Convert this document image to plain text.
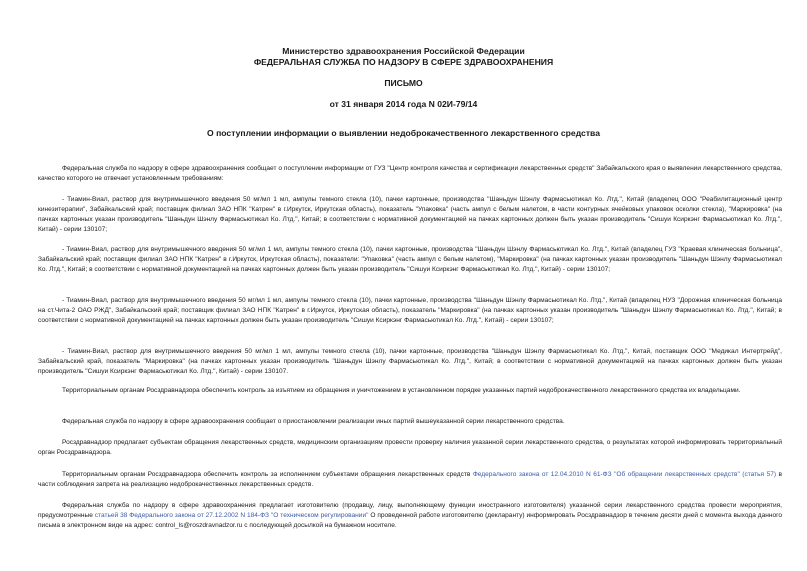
Министерство здравоохранения Российской Федерации
ФЕДЕРАЛЬНАЯ СЛУЖБА ПО НАДЗОРУ В СФЕРЕ ЗДРАВООХРАНЕНИЯ
ПИСЬМО
от 31 января 2014 года N 02И-79/14
О поступлении информации о выявлении недоброкачественного лекарственного средства

Федеральная служба по надзору в сфере здравоохранения сообщает о поступлении информации от ГУЗ "Центр контроля качества и сертификации лекарственных средств" Забайкальского края о выявлении лекарственного средства, качество которого не отвечает установленным требованиям:

- Тиамин-Виал, раствор для внутримышечного введения 50 мг/мл 1 мл, ампулы темного стекла (10), пачки картонные, производства "Шаньдун Шэнлу Фармасьютикал Ко. Лтд.", Китай (владелец ООО "Реабилитационный центр кинезитерапии", Забайкальский край; поставщик филиал ЗАО НПК "Катрен" в г.Иркутск, Иркутская область), показатель "Упаковка" (часть ампул с белым налетом, в части контурных ячейковых упаковок осколки стекла), "Маркировка" (на пачках картонных указан производитель "Шаньдун Шэнлу Фармасьютикал Ко. Лтд.", Китай; в соответствии с нормативной документацией на пачках картонных должен быть указан производитель "Сишуи Ксиркэнг Фармасьютикал Ко. Лтд.", Китай) - серии 130107;

- Тиамин-Виал, раствор для внутримышечного введения 50 мг/мл 1 мл, ампулы темного стекла (10), пачки картонные, производства "Шаньдун Шэнлу Фармасьютикал Ко. Лтд.", Китай (владелец ГУЗ "Краевая клиническая больница", Забайкальский край; поставщик филиал ЗАО НПК "Катрен" в г.Иркутск, Иркутская область), показатели: "Упаковка" (часть ампул с белым налетом), "Маркировка" (на пачках картонных указан производитель "Шаньдун Шэнлу Фармасьютикал Ко. Лтд.", Китай; в соответствии с нормативной документацией на пачках картонных должен быть указан производитель "Сишуи Ксиркэнг Фармасьютикал Ко. Лтд.", Китай) - серии 130107;

- Тиамин-Виал, раствор для внутримышечного введения 50 мг/мл 1 мл, ампулы темного стекла (10), пачки картонные, производства "Шаньдун Шэнлу Фармасьютикал Ко. Лтд.", Китай (владелец НУЗ "Дорожная клиническая больница на ст.Чита-2 ОАО РЖД", Забайкальский край; поставщик филиал ЗАО НПК "Катрен" в г.Иркутск, Иркутская область), показатель "Маркировка" (на пачках картонных указан производитель "Шаньдун Шэнлу Фармасьютикал Ко. Лтд.", Китай; в соответствии с нормативной документацией на пачках картонных должен быть указан производитель "Сишуи Ксиркэнг Фармасьютикал Ко. Лтд.", Китай) - серии 130107;

- Тиамин-Виал, раствор для внутримышечного введения 50 мг/мл 1 мл, ампулы темного стекла (10), пачки картонные, производства "Шаньдун Шэнлу Фармасьютикал Ко. Лтд.", Китай, поставщик ООО "Медикал Интертрейд", Забайкальский край, показатель "Маркировка" (на пачках картонных указан производитель "Шаньдун Шэнлу Фармасьютикал Ко. Лтд.", Китай; в соответствии с нормативной документацией на пачках картонных должен быть указан производитель "Сишуи Ксиркэнг Фармасьютикал Ко. Лтд.", Китай) - серии 130107.

Территориальным органам Росздравнадзора обеспечить контроль за изъятием из обращения и уничтожением в установленном порядке указанных партий недоброкачественного лекарственного средства их владельцами.

Федеральная служба по надзору в сфере здравоохранения сообщает о приостановлении реализации иных партий вышеуказанной серии лекарственного средства.

Росздравнадзор предлагает субъектам обращения лекарственных средств, медицинским организациям провести проверку наличия указанной серии лекарственного средства, о результатах которой информировать территориальный орган Росздравнадзора.

Территориальным органам Росздравнадзора обеспечить контроль за исполнением субъектами обращения лекарственных средств Федерального закона от 12.04.2010 N 61-ФЗ "Об обращении лекарственных средств" (статья 57) в части соблюдения запрета на реализацию недоброкачественных лекарственных средств.

Федеральная служба по надзору в сфере здравоохранения предлагает изготовителю (продавцу, лицу, выполняющему функции иностранного изготовителя) указанной серии лекарственного средства провести мероприятия, предусмотренные статьей 38 Федерального закона от 27.12.2002 N 184-ФЗ "О техническом регулировании" О проведенной работе изготовителю (декларанту) информировать Росздравнадзор в течение десяти дней с момента выхода данного письма в электронном виде на адрес: control_ls@roszdravnadzor.ru с последующей досылкой на бумажном носителе.
